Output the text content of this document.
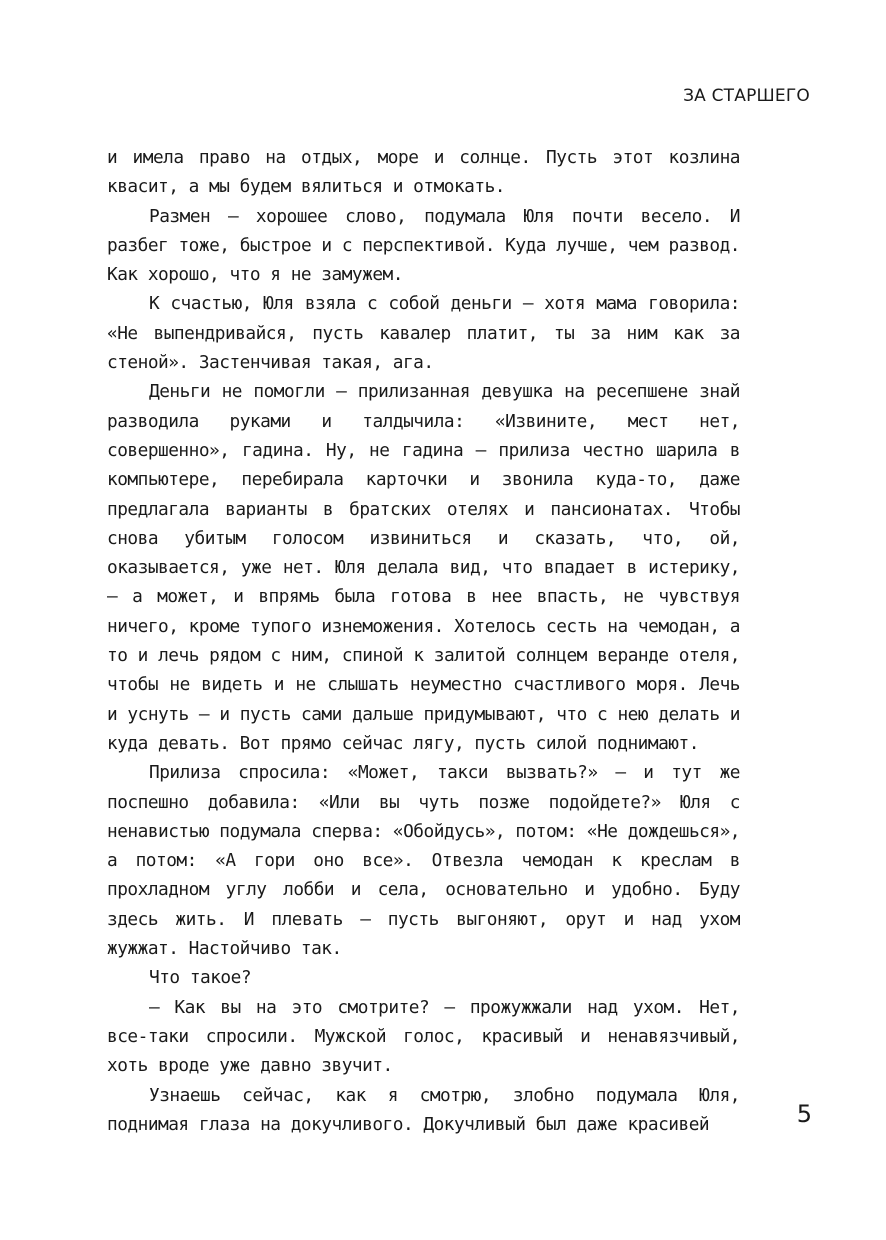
ЗА СТАРШЕГО

и имела право на отдых, море и солнце. Пусть этот козлина квасит, а мы будем вялиться и отмокать.

Размен — хорошее слово, подумала Юля почти весело. И разбег тоже, быстрое и с перспективой. Куда лучше, чем развод. Как хорошо, что я не замужем.

К счастью, Юля взяла с собой деньги — хотя мама говорила: «Не выпендривайся, пусть кавалер платит, ты за ним как за стеной». Застенчивая такая, ага.

Деньги не помогли — прилизанная девушка на ресепшене знай разводила руками и талдычила: «Извините, мест нет, совершенно», гадина. Ну, не гадина — прилиза честно шарила в компьютере, перебирала карточки и звонила куда-то, даже предлагала варианты в братских отелях и пансионатах. Чтобы снова убитым голосом извиниться и сказать, что, ой, оказывается, уже нет. Юля делала вид, что впадает в истерику, — а может, и впрямь была готова в нее впасть, не чувствуя ничего, кроме тупого изнеможения. Хотелось сесть на чемодан, а то и лечь рядом с ним, спиной к залитой солнцем веранде отеля, чтобы не видеть и не слышать неуместно счастливого моря. Лечь и уснуть — и пусть сами дальше придумывают, что с нею делать и куда девать. Вот прямо сейчас лягу, пусть силой поднимают.

Прилиза спросила: «Может, такси вызвать?» — и тут же поспешно добавила: «Или вы чуть позже подойдете?» Юля с ненавистью подумала сперва: «Обойдусь», потом: «Не дождешься», а потом: «А гори оно все». Отвезла чемодан к креслам в прохладном углу лобби и села, основательно и удобно. Буду здесь жить. И плевать — пусть выгоняют, орут и над ухом жужжат. Настойчиво так.

Что такое?

— Как вы на это смотрите? — прожужжали над ухом. Нет, все-таки спросили. Мужской голос, красивый и ненавязчивый, хоть вроде уже давно звучит.

Узнаешь сейчас, как я смотрю, злобно подумала Юля, поднимая глаза на докучливого. Докучливый был даже красивей	5
